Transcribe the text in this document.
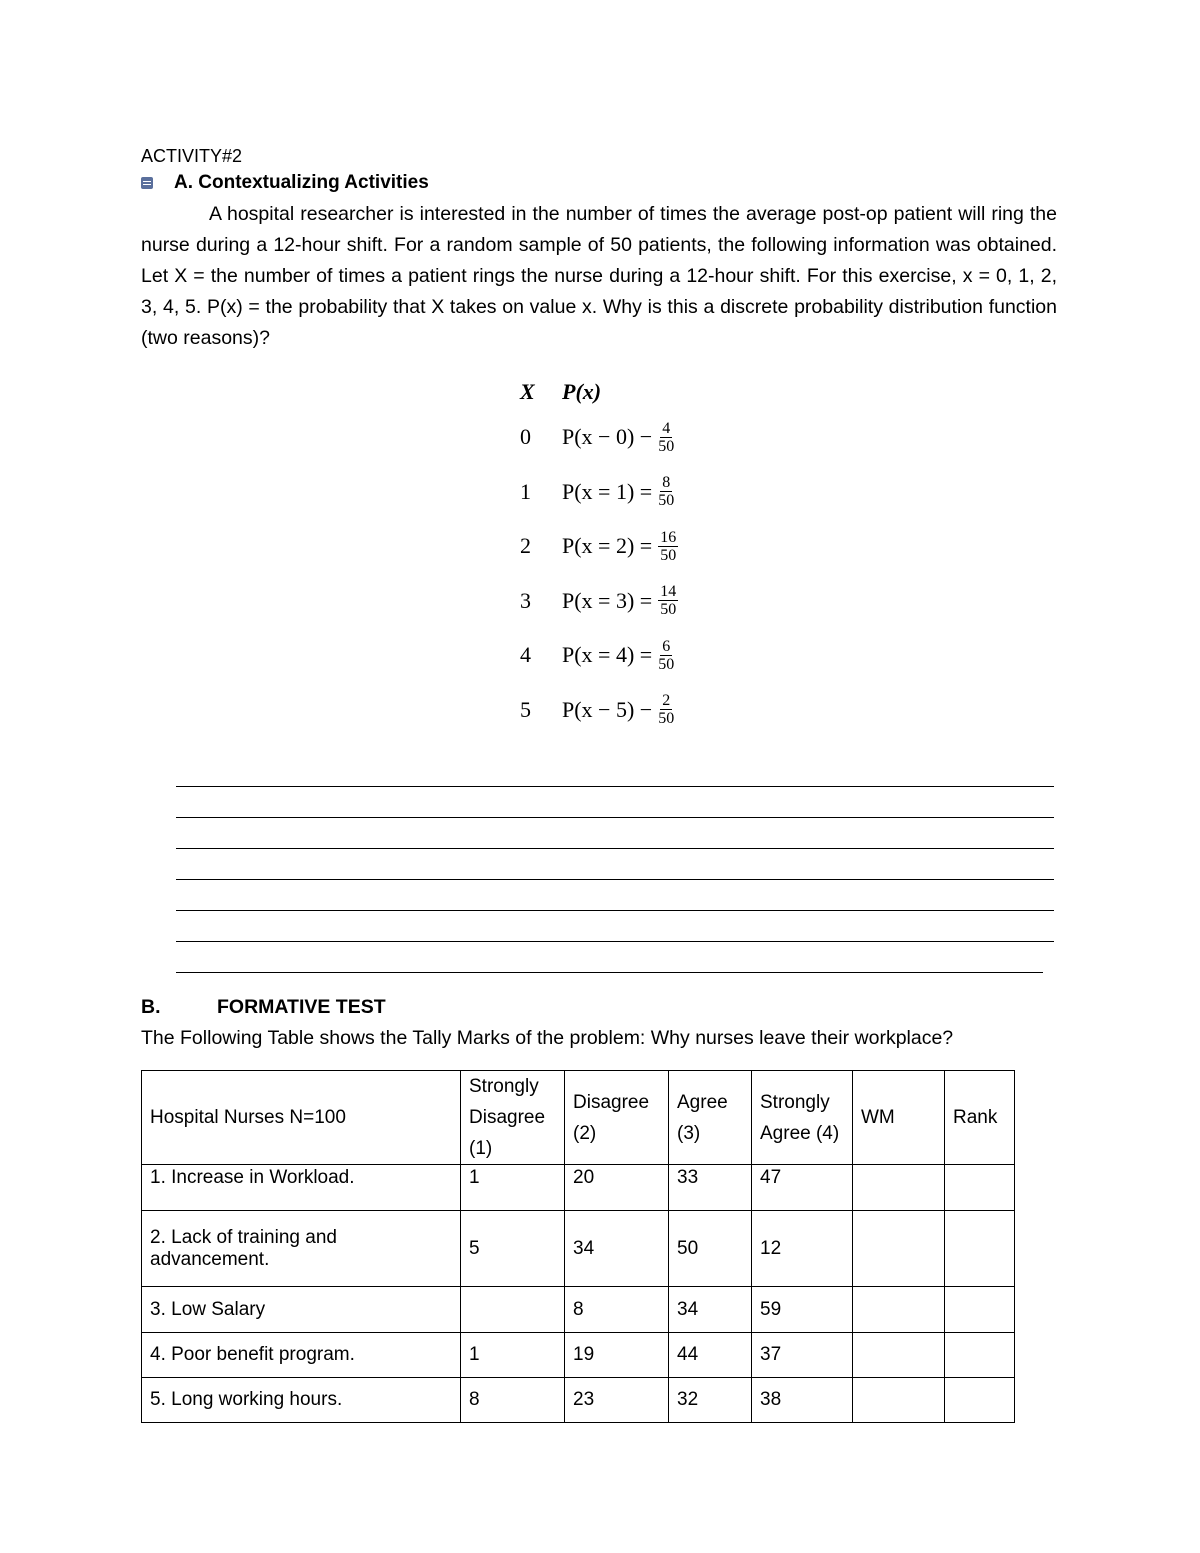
ACTIVITY#2
A. Contextualizing Activities
A hospital researcher is interested in the number of times the average post-op patient will ring the nurse during a 12-hour shift. For a random sample of 50 patients, the following information was obtained. Let X = the number of times a patient rings the nurse during a 12-hour shift. For this exercise, x = 0, 1, 2, 3, 4, 5. P(x) = the probability that X takes on value x. Why is this a discrete probability distribution function (two reasons)?
X	P(x)
0	$P(x - 0) - \frac{4}{50}$
1	$P(x = 1) = \frac{8}{50}$
2	$P(x = 2) = \frac{16}{50}$
3	$P(x = 3) = \frac{14}{50}$
4	$P(x = 4) = \frac{6}{50}$
5	$P(x - 5) - \frac{2}{50}$
B.	FORMATIVE TEST
The Following Table shows the Tally Marks of the problem: Why nurses leave their workplace?
Hospital Nurses N=100	Strongly Disagree (1)	Disagree (2)	Agree (3)	Strongly Agree (4)	WM	Rank
1. Increase in Workload.	1	20	33	47		
2. Lack of training and advancement.	5	34	50	12		
3. Low Salary		8	34	59		
4. Poor benefit program.	1	19	44	37		
5. Long working hours.	8	23	32	38		
